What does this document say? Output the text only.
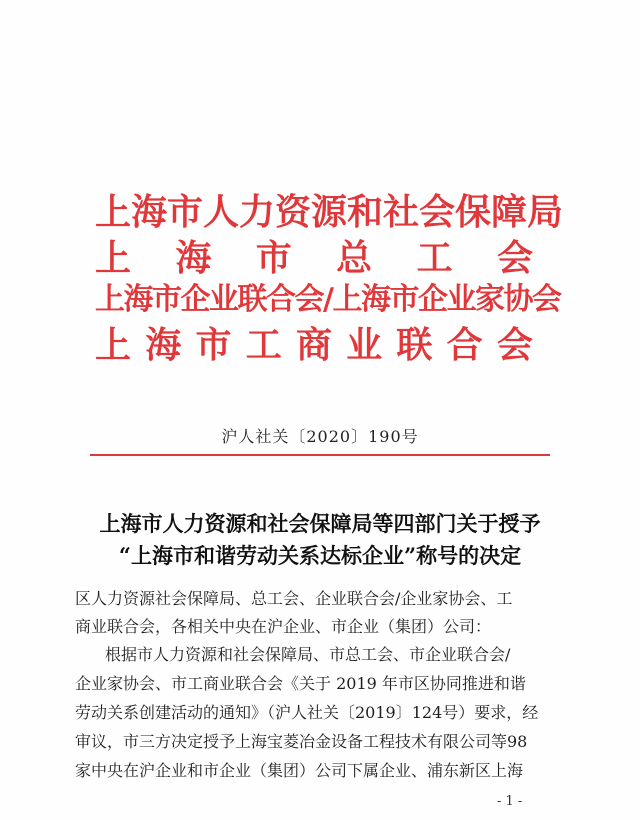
上海市人力资源和社会保障局
上 海 市 总 工 会
上海市企业联合会/上海市企业家协会
上 海 市 工 商 业 联 合 会
沪人社关〔2020〕190号
上海市人力资源和社会保障局等四部门关于授予
“上海市和谐劳动关系达标企业”称号的决定
区人力资源社会保障局、总工会、企业联合会/企业家协会、工
商业联合会，各相关中央在沪企业、市企业（集团）公司：
根据市人力资源和社会保障局、市总工会、市企业联合会/
企业家协会、市工商业联合会《关于 2019 年市区协同推进和谐
劳动关系创建活动的通知》（沪人社关〔2019〕124号）要求，经
审议，市三方决定授予上海宝菱冶金设备工程技术有限公司等98
家中央在沪企业和市企业（集团）公司下属企业、浦东新区上海
- 1 -
